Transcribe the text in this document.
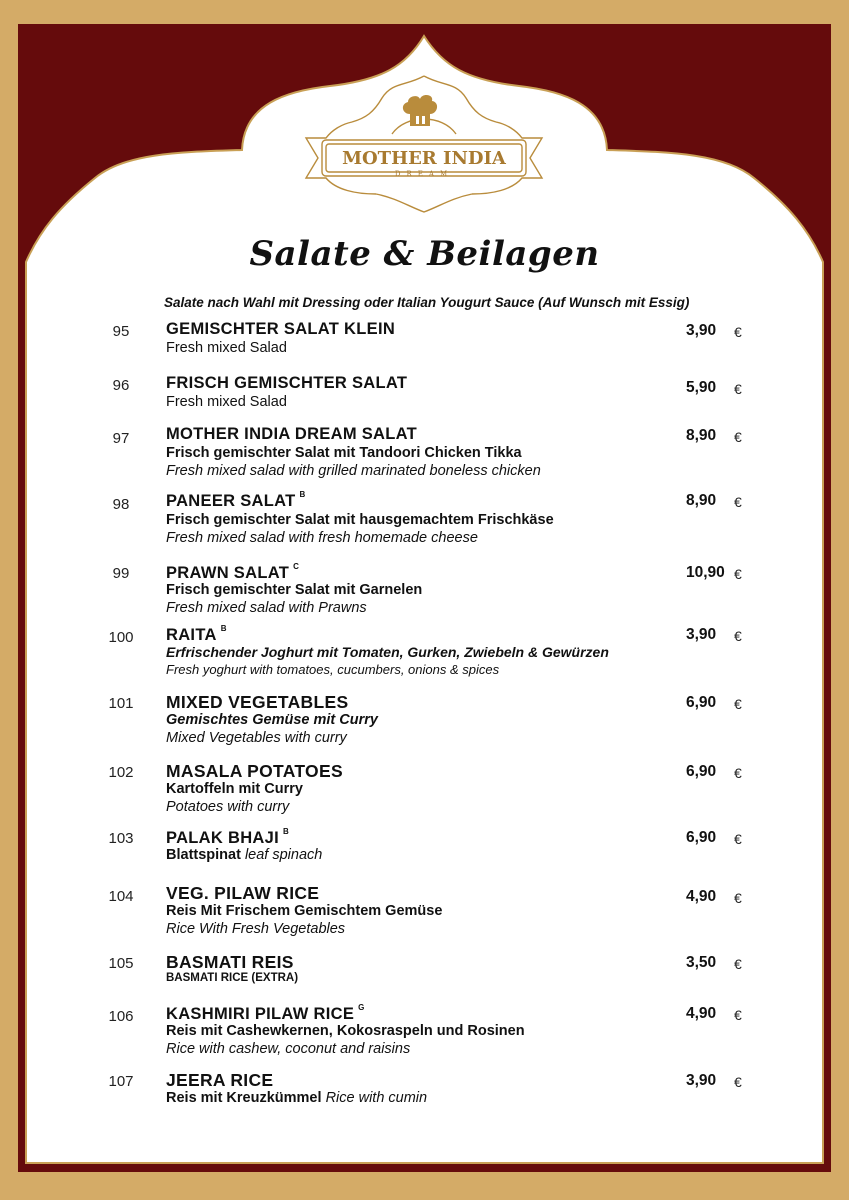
MOTHER INDIA
DREAM
Salate & Beilagen
Salate nach Wahl mit Dressing oder Italian Yougurt Sauce (Auf Wunsch mit Essig)
95	GEMISCHTER SALAT KLEIN
Fresh mixed Salad
3,90 €
96	FRISCH GEMISCHTER SALAT
Fresh mixed Salad
5,90 €
97	MOTHER INDIA DREAM SALAT
Frisch gemischter Salat mit Tandoori Chicken Tikka
Fresh mixed salad with grilled marinated boneless chicken
8,90 €
98	PANEER SALAT $^B$
Frisch gemischter Salat mit hausgemachtem Frischkäse
Fresh mixed salad with fresh homemade cheese
8,90 €
99	PRAWN SALAT $^C$
Frisch gemischter Salat mit Garnelen
Fresh mixed salad with Prawns
10,90 €
100 RAITA $^B$
Erfrischender Joghurt mit Tomaten, Gurken, Zwiebeln & Gewürzen
Fresh yoghurt with tomatoes, cucumbers, onions & spices
3,90 €
101 MIXED VEGETABLES
Gemischtes Gemüse mit Curry
Mixed Vegetables with curry
6,90 €
102 MASALA POTATOES
Kartoffeln mit Curry
Potatoes with curry
6,90 €
103 PALAK BHAJI $^B$
Blattspinat leaf spinach
6,90 €
104 VEG. PILAW RICE
Reis Mit Frischem Gemischtem Gemüse
Rice With Fresh Vegetables
4,90 €
105 BASMATI REIS
BASMATI RICE (EXTRA)
3,50 €
106 KASHMIRI PILAW RICE $^G$
Reis mit Cashewkernen, Kokosraspeln und Rosinen
Rice with cashew, coconut and raisins
4,90 €
107 JEERA RICE
Reis mit Kreuzkümmel Rice with cumin
3,90 €
